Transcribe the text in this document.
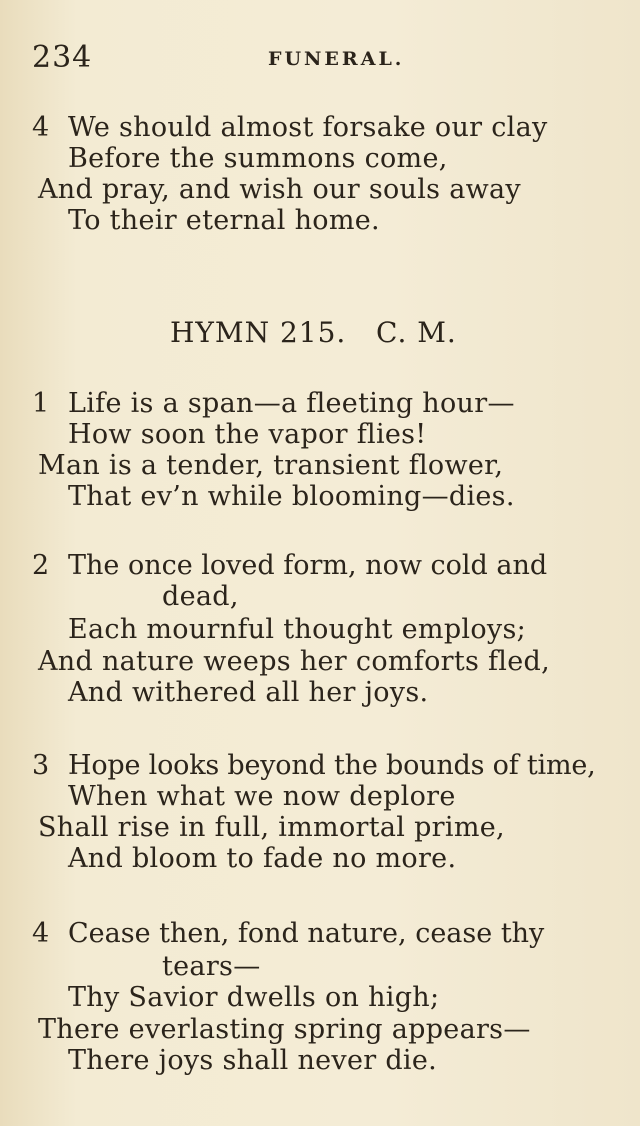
234	FUNERAL.
4 We should almost forsake our clay
Before the summons come,
And pray, and wish our souls away
To their eternal home.
HYMN 215.   C. M.
1 Life is a span—a fleeting hour—
How soon the vapor flies!
Man is a tender, transient flower,
That ev’n while blooming—dies.
2 The once loved form, now cold and
dead,
Each mournful thought employs;
And nature weeps her comforts fled,
And withered all her joys.
3 Hope looks beyond the bounds of time,
When what we now deplore
Shall rise in full, immortal prime,
And bloom to fade no more.
4 Cease then, fond nature, cease thy
tears—
Thy Savior dwells on high;
There everlasting spring appears—
There joys shall never die.
